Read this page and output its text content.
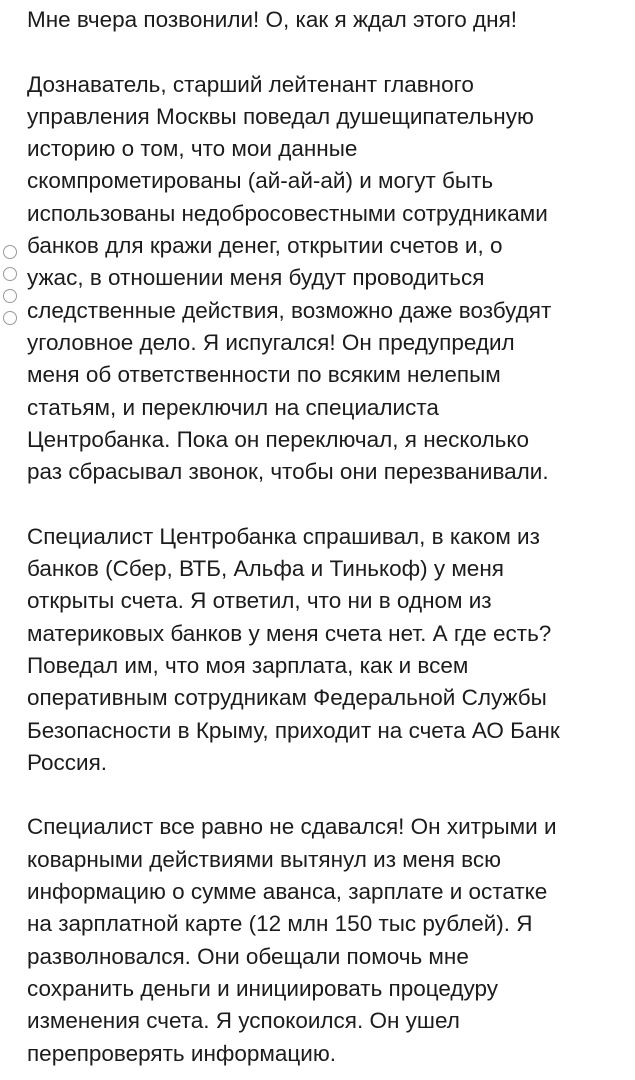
Мне вчера позвонили! О, как я ждал этого дня!
Дознаватель, старший лейтенант главного
управления Москвы поведал душещипательную
историю о том, что мои данные
скомпрометированы (ай-ай-ай) и могут быть
использованы недобросовестными сотрудниками
банков для кражи денег, открытии счетов и, о
ужас, в отношении меня будут проводиться
следственные действия, возможно даже возбудят
уголовное дело. Я испугался! Он предупредил
меня об ответственности по всяким нелепым
статьям, и переключил на специалиста
Центробанка. Пока он переключал, я несколько
раз сбрасывал звонок, чтобы они перезванивали.
Специалист Центробанка спрашивал, в каком из
банков (Сбер, ВТБ, Альфа и Тинькоф) у меня
открыты счета. Я ответил, что ни в одном из
материковых банков у меня счета нет. А где есть?
Поведал им, что моя зарплата, как и всем
оперативным сотрудникам Федеральной Службы
Безопасности в Крыму, приходит на счета АО Банк
Россия.
Специалист все равно не сдавался! Он хитрыми и
коварными действиями вытянул из меня всю
информацию о сумме аванса, зарплате и остатке
на зарплатной карте (12 млн 150 тыс рублей). Я
разволновался. Они обещали помочь мне
сохранить деньги и инициировать процедуру
изменения счета. Я успокоился. Он ушел
перепроверять информацию.
